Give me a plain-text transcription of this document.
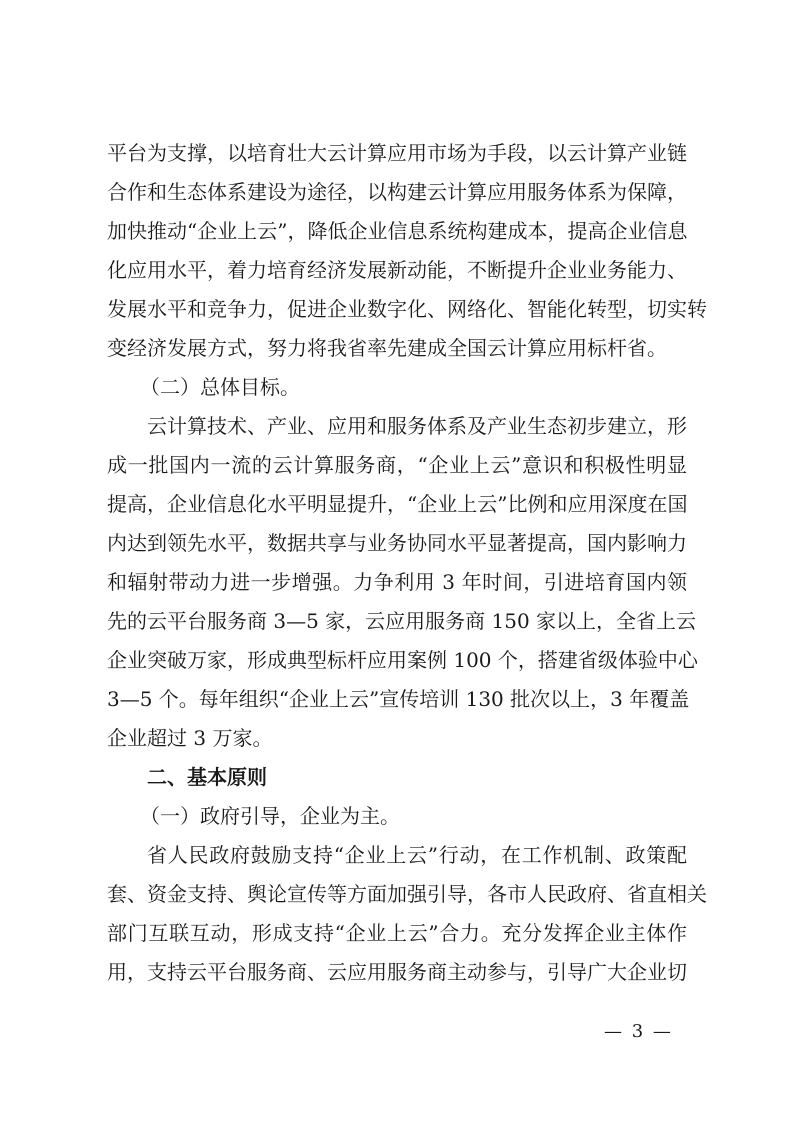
平台为支撑，以培育壮大云计算应用市场为手段，以云计算产业链
合作和生态体系建设为途径，以构建云计算应用服务体系为保障，
加快推动“企业上云”，降低企业信息系统构建成本，提高企业信息
化应用水平，着力培育经济发展新动能，不断提升企业业务能力、
发展水平和竞争力，促进企业数字化、网络化、智能化转型，切实转
变经济发展方式，努力将我省率先建成全国云计算应用标杆省。
（二）总体目标。
云计算技术、产业、应用和服务体系及产业生态初步建立，形
成一批国内一流的云计算服务商，“企业上云”意识和积极性明显
提高，企业信息化水平明显提升，“企业上云”比例和应用深度在国
内达到领先水平，数据共享与业务协同水平显著提高，国内影响力
和辐射带动力进一步增强。力争利用 3 年时间，引进培育国内领
先的云平台服务商 3—5 家，云应用服务商 150 家以上，全省上云
企业突破万家，形成典型标杆应用案例 100 个，搭建省级体验中心
3—5 个。每年组织“企业上云”宣传培训 130 批次以上，3 年覆盖
企业超过 3 万家。
二、基本原则
（一）政府引导，企业为主。
省人民政府鼓励支持“企业上云”行动，在工作机制、政策配
套、资金支持、舆论宣传等方面加强引导，各市人民政府、省直相关
部门互联互动，形成支持“企业上云”合力。充分发挥企业主体作
用，支持云平台服务商、云应用服务商主动参与，引导广大企业切
— 3 —
